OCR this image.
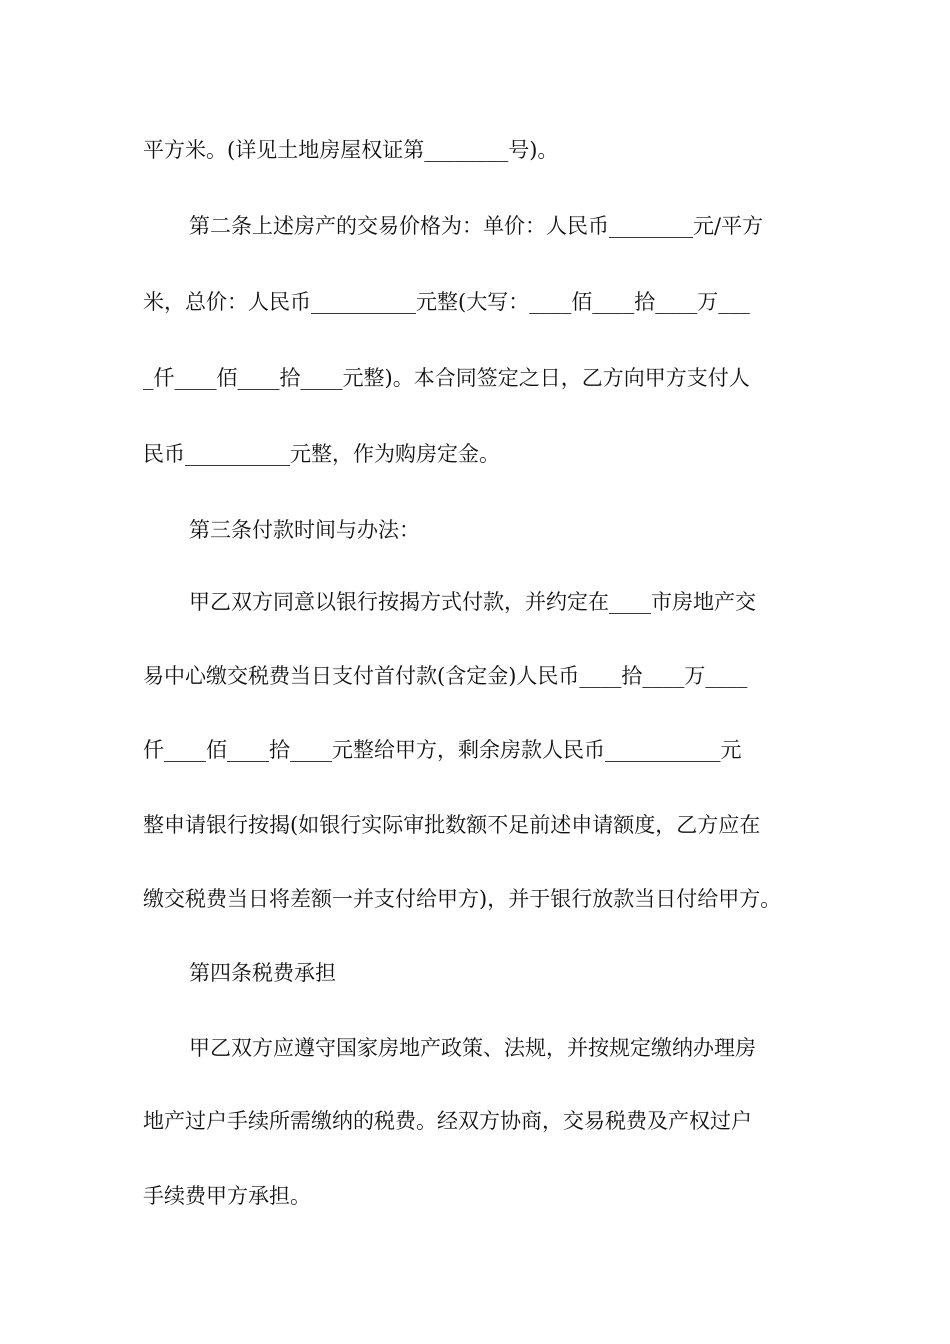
平方米。(详见土地房屋权证第________号)。
第二条上述房产的交易价格为：单价：人民币________元/平方
米，总价：人民币__________元整(大写：____佰____拾____万___
_仟____佰____拾____元整)。本合同签定之日，乙方向甲方支付人
民币__________元整，作为购房定金。
第三条付款时间与办法：
甲乙双方同意以银行按揭方式付款，并约定在____市房地产交
易中心缴交税费当日支付首付款(含定金)人民币____拾____万____
仟____佰____拾____元整给甲方，剩余房款人民币___________元
整申请银行按揭(如银行实际审批数额不足前述申请额度，乙方应在
缴交税费当日将差额一并支付给甲方)，并于银行放款当日付给甲方。
第四条税费承担
甲乙双方应遵守国家房地产政策、法规，并按规定缴纳办理房
地产过户手续所需缴纳的税费。经双方协商，交易税费及产权过户
手续费甲方承担。
